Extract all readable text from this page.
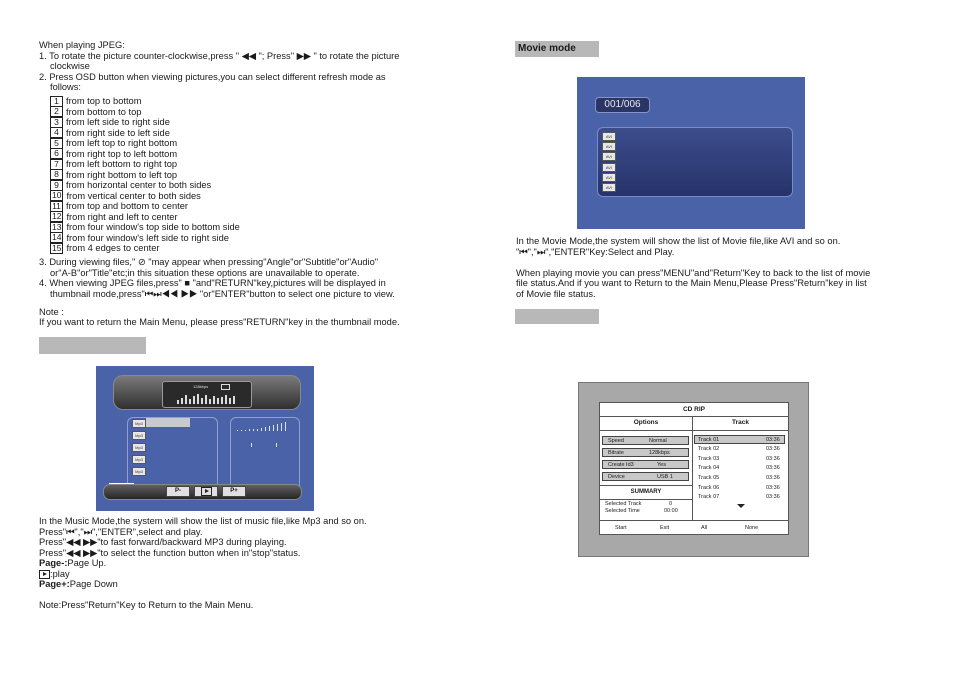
When playing JPEG:
1. To rotate the picture counter-clockwise,press " ◀◀ "; Press" ▶▶ " to rotate the picture
clockwise
2. Press OSD button when viewing pictures,you can select different refresh mode as
follows:
1 from top to bottom
2 from bottom to top
3 from left side to right side
4 from right side to left side
5 from left top to right bottom
6 from right top to left bottom
7 from left bottom to right top
8 from right bottom to left top
9 from horizontal center to both sides
10 from vertical center to both sides
11 from top and bottom to center
12 from right and left to center
13 from four window's top side to bottom side
14 from four window's left side to right side
15 from 4 edges to center
3. During viewing files," ⊘ "may appear when pressing"Angle"or"Subtitle"or"Audio"
or"A-B"or"Title"etc;in this situation these options are unavailable to operate.
4. When viewing JPEG files,press" ■ "and"RETURN"key,pictures will be displayed in
thumbnail mode,press"⏮⏭◀◀ ▶▶ "or"ENTER"button to select one picture to view.
Note :
If you want to return the Main Menu, please press"RETURN"key in the thumbnail mode.
128kbps
Mp3
Mp3
Mp3
Mp3
Mp3
P-	P+
In the Music Mode,the system will show the list of music file,like Mp3 and so on.
Press"⏮","⏭","ENTER",select and play.
Press"◀◀ ▶▶"to fast forward/backward MP3 during playing.
Press"◀◀ ▶▶"to select the function button when in"stop"status.
Page-:Page Up.
:play
Page+:Page Down
Note:Press"Return"Key to Return to the Main Menu.
Movie mode
001/006
AVI
AVI
AVI
AVI
AVI
AVI
In the Movie Mode,the system will show the list of Movie file,like AVI and so on.
"⏮","⏭","ENTER"Key:Select and Play.
When playing movie you can press"MENU"and"Return"Key to back to the list of movie
file status.And if you want to Return to the Main Menu,Please Press"Return"key in list
of Movie file status.
CD RIP
Options	Track
Speed	Normal
Bitrate	128kbps
Create Id3	Yes
Device	USB 1
SUMMARY
Selected Track	0
Selected Time	00:00
Track 01	03:36
Track 02	03:36
Track 03	03:36
Track 04	03:36
Track 05	03:36
Track 06	03:36
Track 07	03:36
Start	Exit	All	None
